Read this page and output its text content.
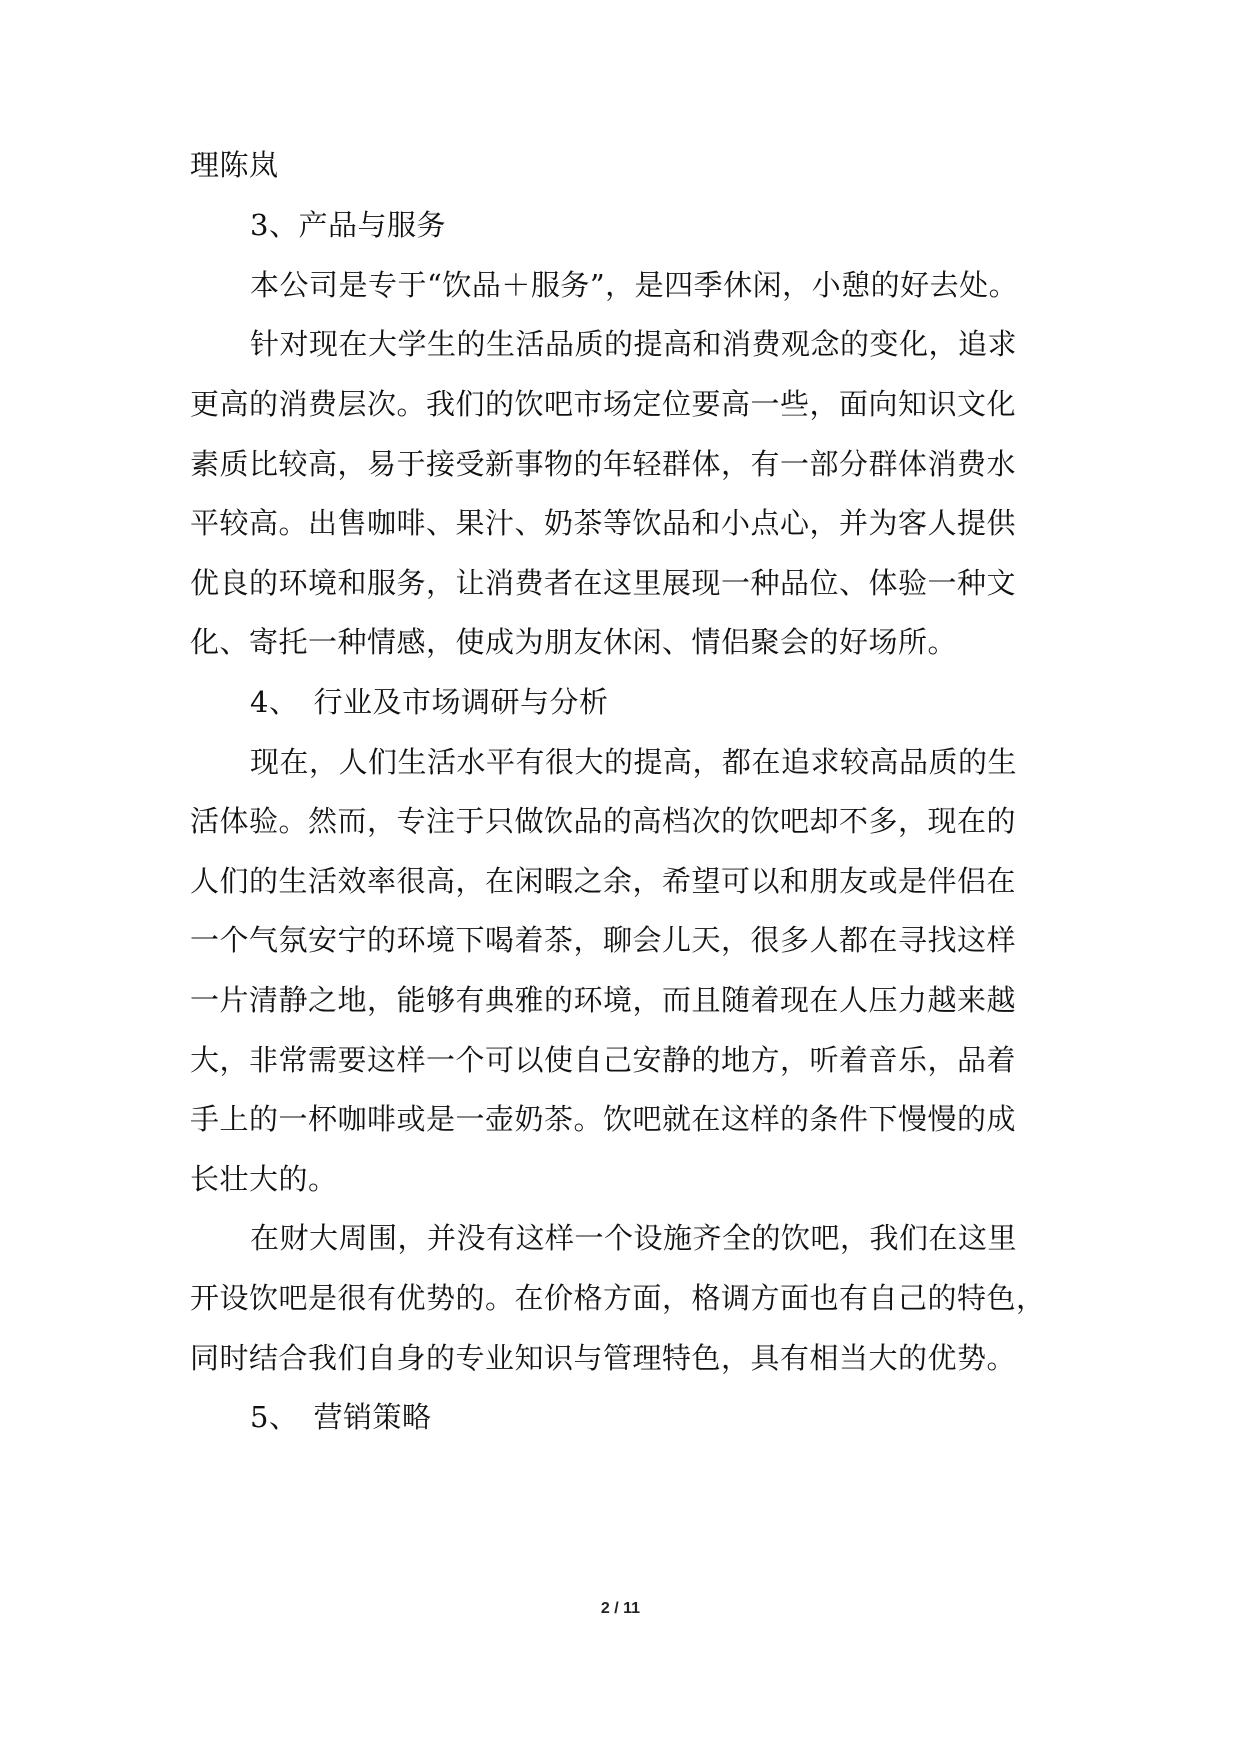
理陈岚
3、产品与服务
本公司是专于“饮品＋服务”，是四季休闲，小憩的好去处。
针对现在大学生的生活品质的提高和消费观念的变化，追求
更高的消费层次。我们的饮吧市场定位要高一些，面向知识文化
素质比较高，易于接受新事物的年轻群体，有一部分群体消费水
平较高。出售咖啡、果汁、奶茶等饮品和小点心，并为客人提供
优良的环境和服务，让消费者在这里展现一种品位、体验一种文
化、寄托一种情感，使成为朋友休闲、情侣聚会的好场所。
4、　行业及市场调研与分析
现在，人们生活水平有很大的提高，都在追求较高品质的生
活体验。然而，专注于只做饮品的高档次的饮吧却不多，现在的
人们的生活效率很高，在闲暇之余，希望可以和朋友或是伴侣在
一个气氛安宁的环境下喝着茶，聊会儿天，很多人都在寻找这样
一片清静之地，能够有典雅的环境，而且随着现在人压力越来越
大，非常需要这样一个可以使自己安静的地方，听着音乐，品着
手上的一杯咖啡或是一壶奶茶。饮吧就在这样的条件下慢慢的成
长壮大的。
在财大周围，并没有这样一个设施齐全的饮吧，我们在这里
开设饮吧是很有优势的。在价格方面，格调方面也有自己的特色，
同时结合我们自身的专业知识与管理特色，具有相当大的优势。
5、　营销策略
2 / 11
